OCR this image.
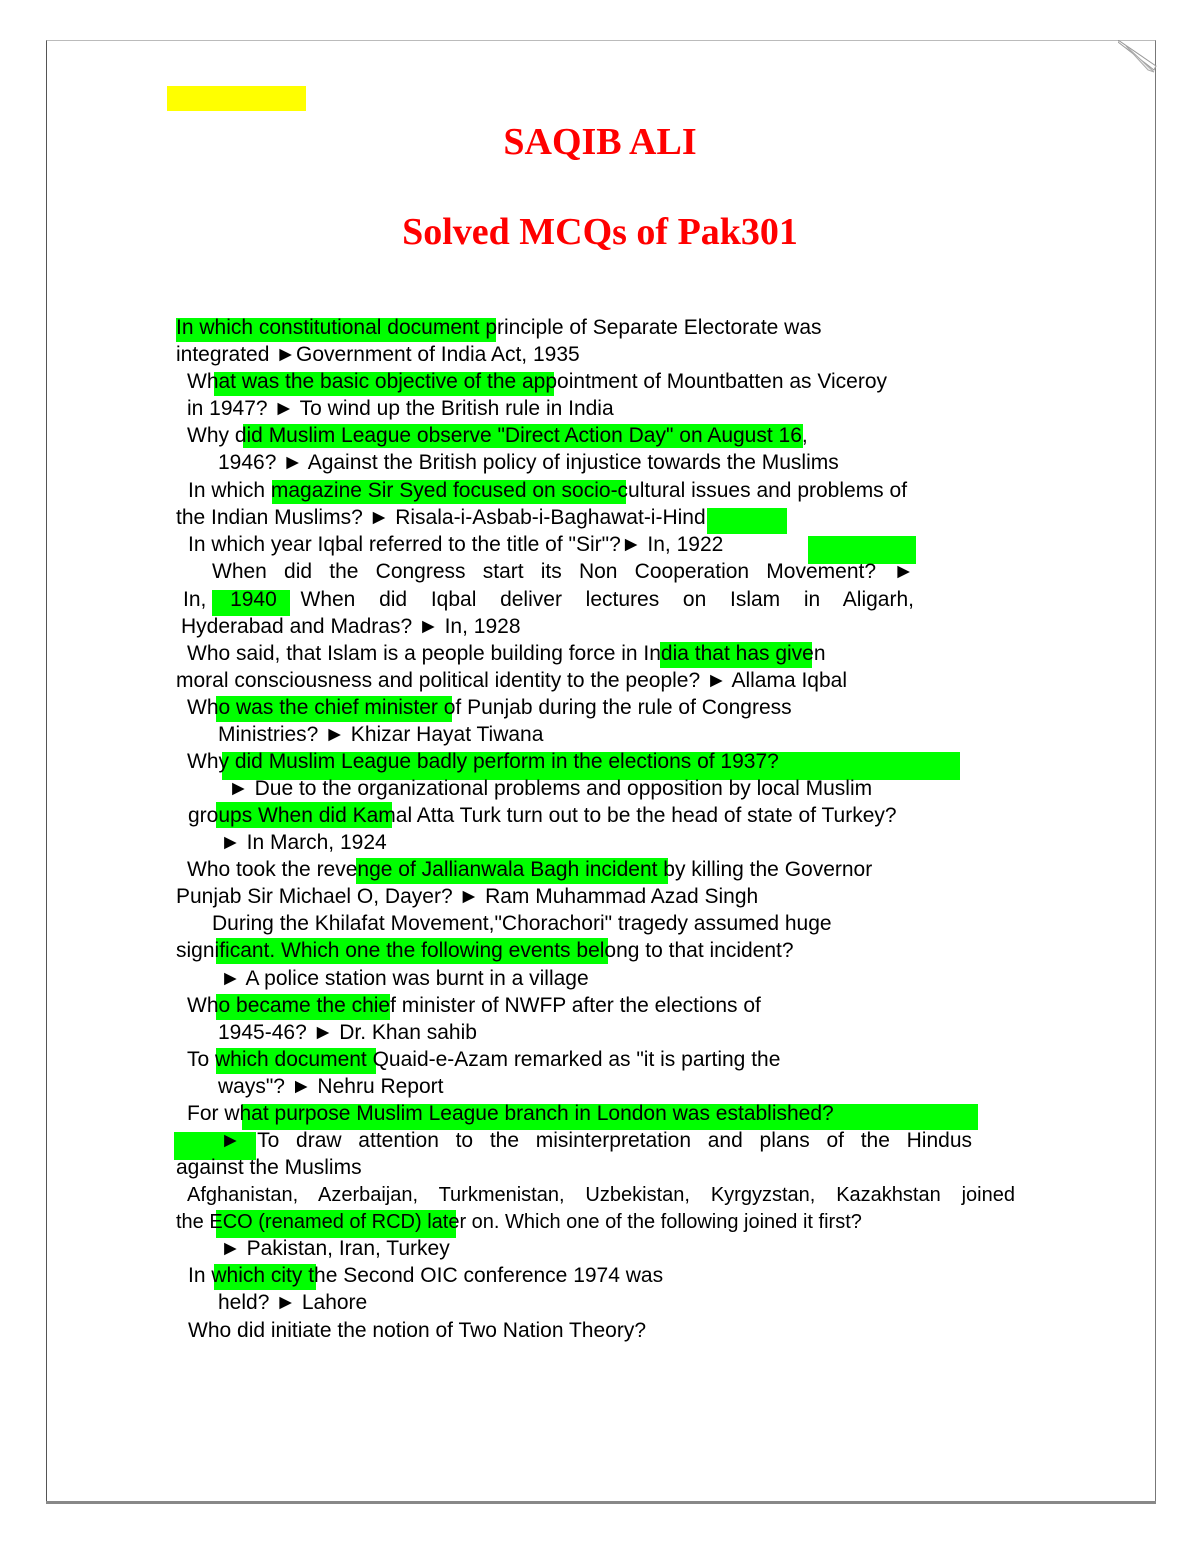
SAQIB ALI
Solved MCQs of Pak301
In which constitutional document principle of Separate Electorate was
integrated ►Government of India Act, 1935
What was the basic objective of the appointment of Mountbatten as Viceroy
in 1947? ► To wind up the British rule in India
Why did Muslim League observe "Direct Action Day" on August 16,
1946? ► Against the British policy of injustice towards the Muslims
In which magazine Sir Syed focused on socio-cultural issues and problems of
the Indian Muslims? ► Risala-i-Asbab-i-Baghawat-i-Hind
In which year Iqbal referred to the title of "Sir"?► In, 1922
When did the Congress start its Non Cooperation Movement? ►
In, 1940 When did Iqbal deliver lectures on Islam in Aligarh,
Hyderabad and Madras? ► In, 1928
Who said, that Islam is a people building force in India that has given
moral consciousness and political identity to the people? ► Allama Iqbal
Who was the chief minister of Punjab during the rule of Congress
Ministries? ► Khizar Hayat Tiwana
Why did Muslim League badly perform in the elections of 1937?
► Due to the organizational problems and opposition by local Muslim
groups When did Kamal Atta Turk turn out to be the head of state of Turkey?
► In March, 1924
Who took the revenge of Jallianwala Bagh incident by killing the Governor
Punjab Sir Michael O, Dayer? ► Ram Muhammad Azad Singh
During the Khilafat Movement,"Chorachori" tragedy assumed huge
significant. Which one the following events belong to that incident?
► A police station was burnt in a village
Who became the chief minister of NWFP after the elections of
1945-46? ► Dr. Khan sahib
To which document Quaid-e-Azam remarked as "it is parting the
ways"? ► Nehru Report
For what purpose Muslim League branch in London was established?
► To draw attention to the misinterpretation and plans of the Hindus
against the Muslims
Afghanistan, Azerbaijan, Turkmenistan, Uzbekistan, Kyrgyzstan, Kazakhstan joined
the ECO (renamed of RCD) later on. Which one of the following joined it first?
► Pakistan, Iran, Turkey
In which city the Second OIC conference 1974 was
held? ► Lahore
Who did initiate the notion of Two Nation Theory?
